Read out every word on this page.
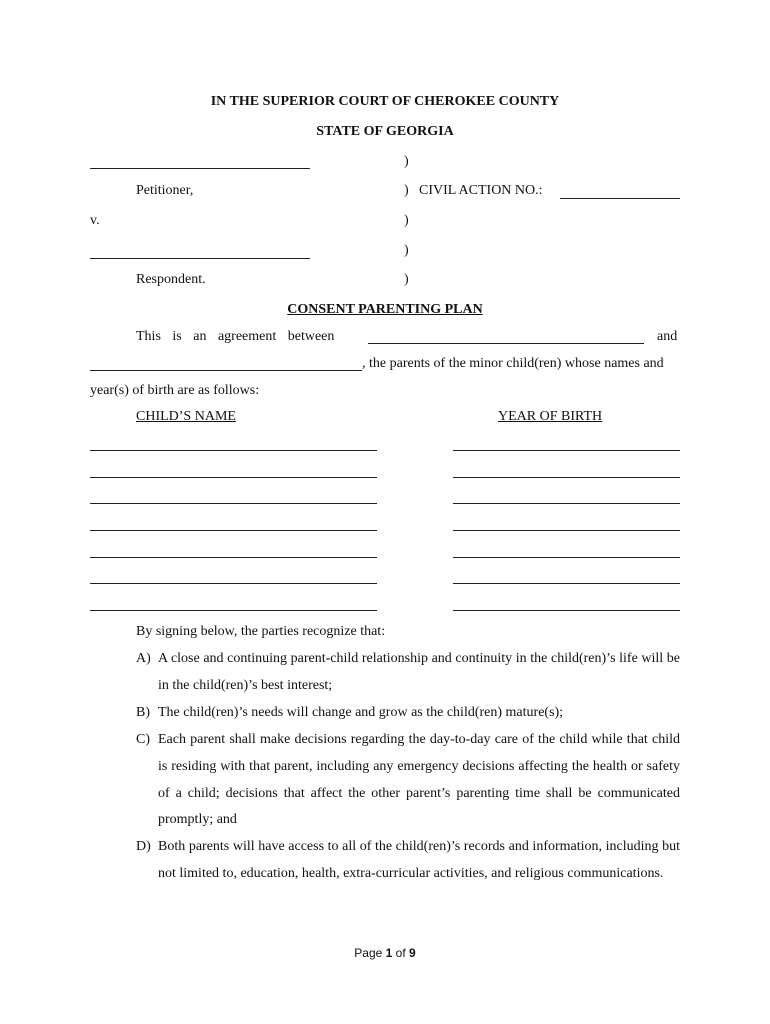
IN THE SUPERIOR COURT OF CHEROKEE COUNTY
STATE OF GEORGIA
)
Petitioner,	) CIVIL ACTION NO.:
v.	)
)
Respondent.	)
CONSENT PARENTING PLAN
This is an agreement between	and
, the parents of the minor child(ren) whose names and
year(s) of birth are as follows:
CHILD’S NAME	YEAR OF BIRTH
By signing below, the parties recognize that:
A) A close and continuing parent-child relationship and continuity in the child(ren)’s life will be in the child(ren)’s best interest;
B) The child(ren)’s needs will change and grow as the child(ren) mature(s);
C) Each parent shall make decisions regarding the day-to-day care of the child while that child is residing with that parent, including any emergency decisions affecting the health or safety of a child; decisions that affect the other parent’s parenting time shall be communicated promptly; and
D) Both parents will have access to all of the child(ren)’s records and information, including but not limited to, education, health, extra-curricular activities, and religious communications.
Page 1 of 9
